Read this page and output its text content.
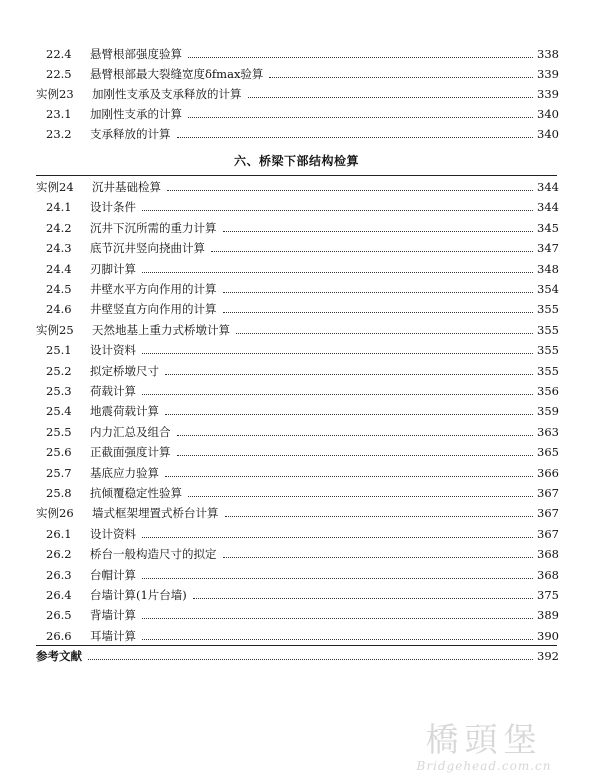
六、桥梁下部结构检算
22.4 悬臂根部强度验算	338
22.5 悬臂根部最大裂缝宽度δfmax验算	339
实例23 加刚性支承及支承释放的计算	339
23.1 加刚性支承的计算	340
23.2 支承释放的计算	340
实例24 沉井基础检算	344
24.1 设计条件	344
24.2 沉井下沉所需的重力计算	345
24.3 底节沉井竖向挠曲计算	347
24.4 刃脚计算	348
24.5 井壁水平方向作用的计算	354
24.6 井壁竖直方向作用的计算	355
实例25 天然地基上重力式桥墩计算	355
25.1 设计资料	355
25.2 拟定桥墩尺寸	355
25.3 荷载计算	356
25.4 地震荷载计算	359
25.5 内力汇总及组合	363
25.6 正截面强度计算	365
25.7 基底应力验算	366
25.8 抗倾覆稳定性验算	367
实例26 墙式框架埋置式桥台计算	367
26.1 设计资料	367
26.2 桥台一般构造尺寸的拟定	368
26.3 台帽计算	368
26.4 台墙计算(1片台墙)	375
26.5 背墙计算	389
26.6 耳墙计算	390
参考文献	392
橋頭堡
Bridgehead.com.cn
